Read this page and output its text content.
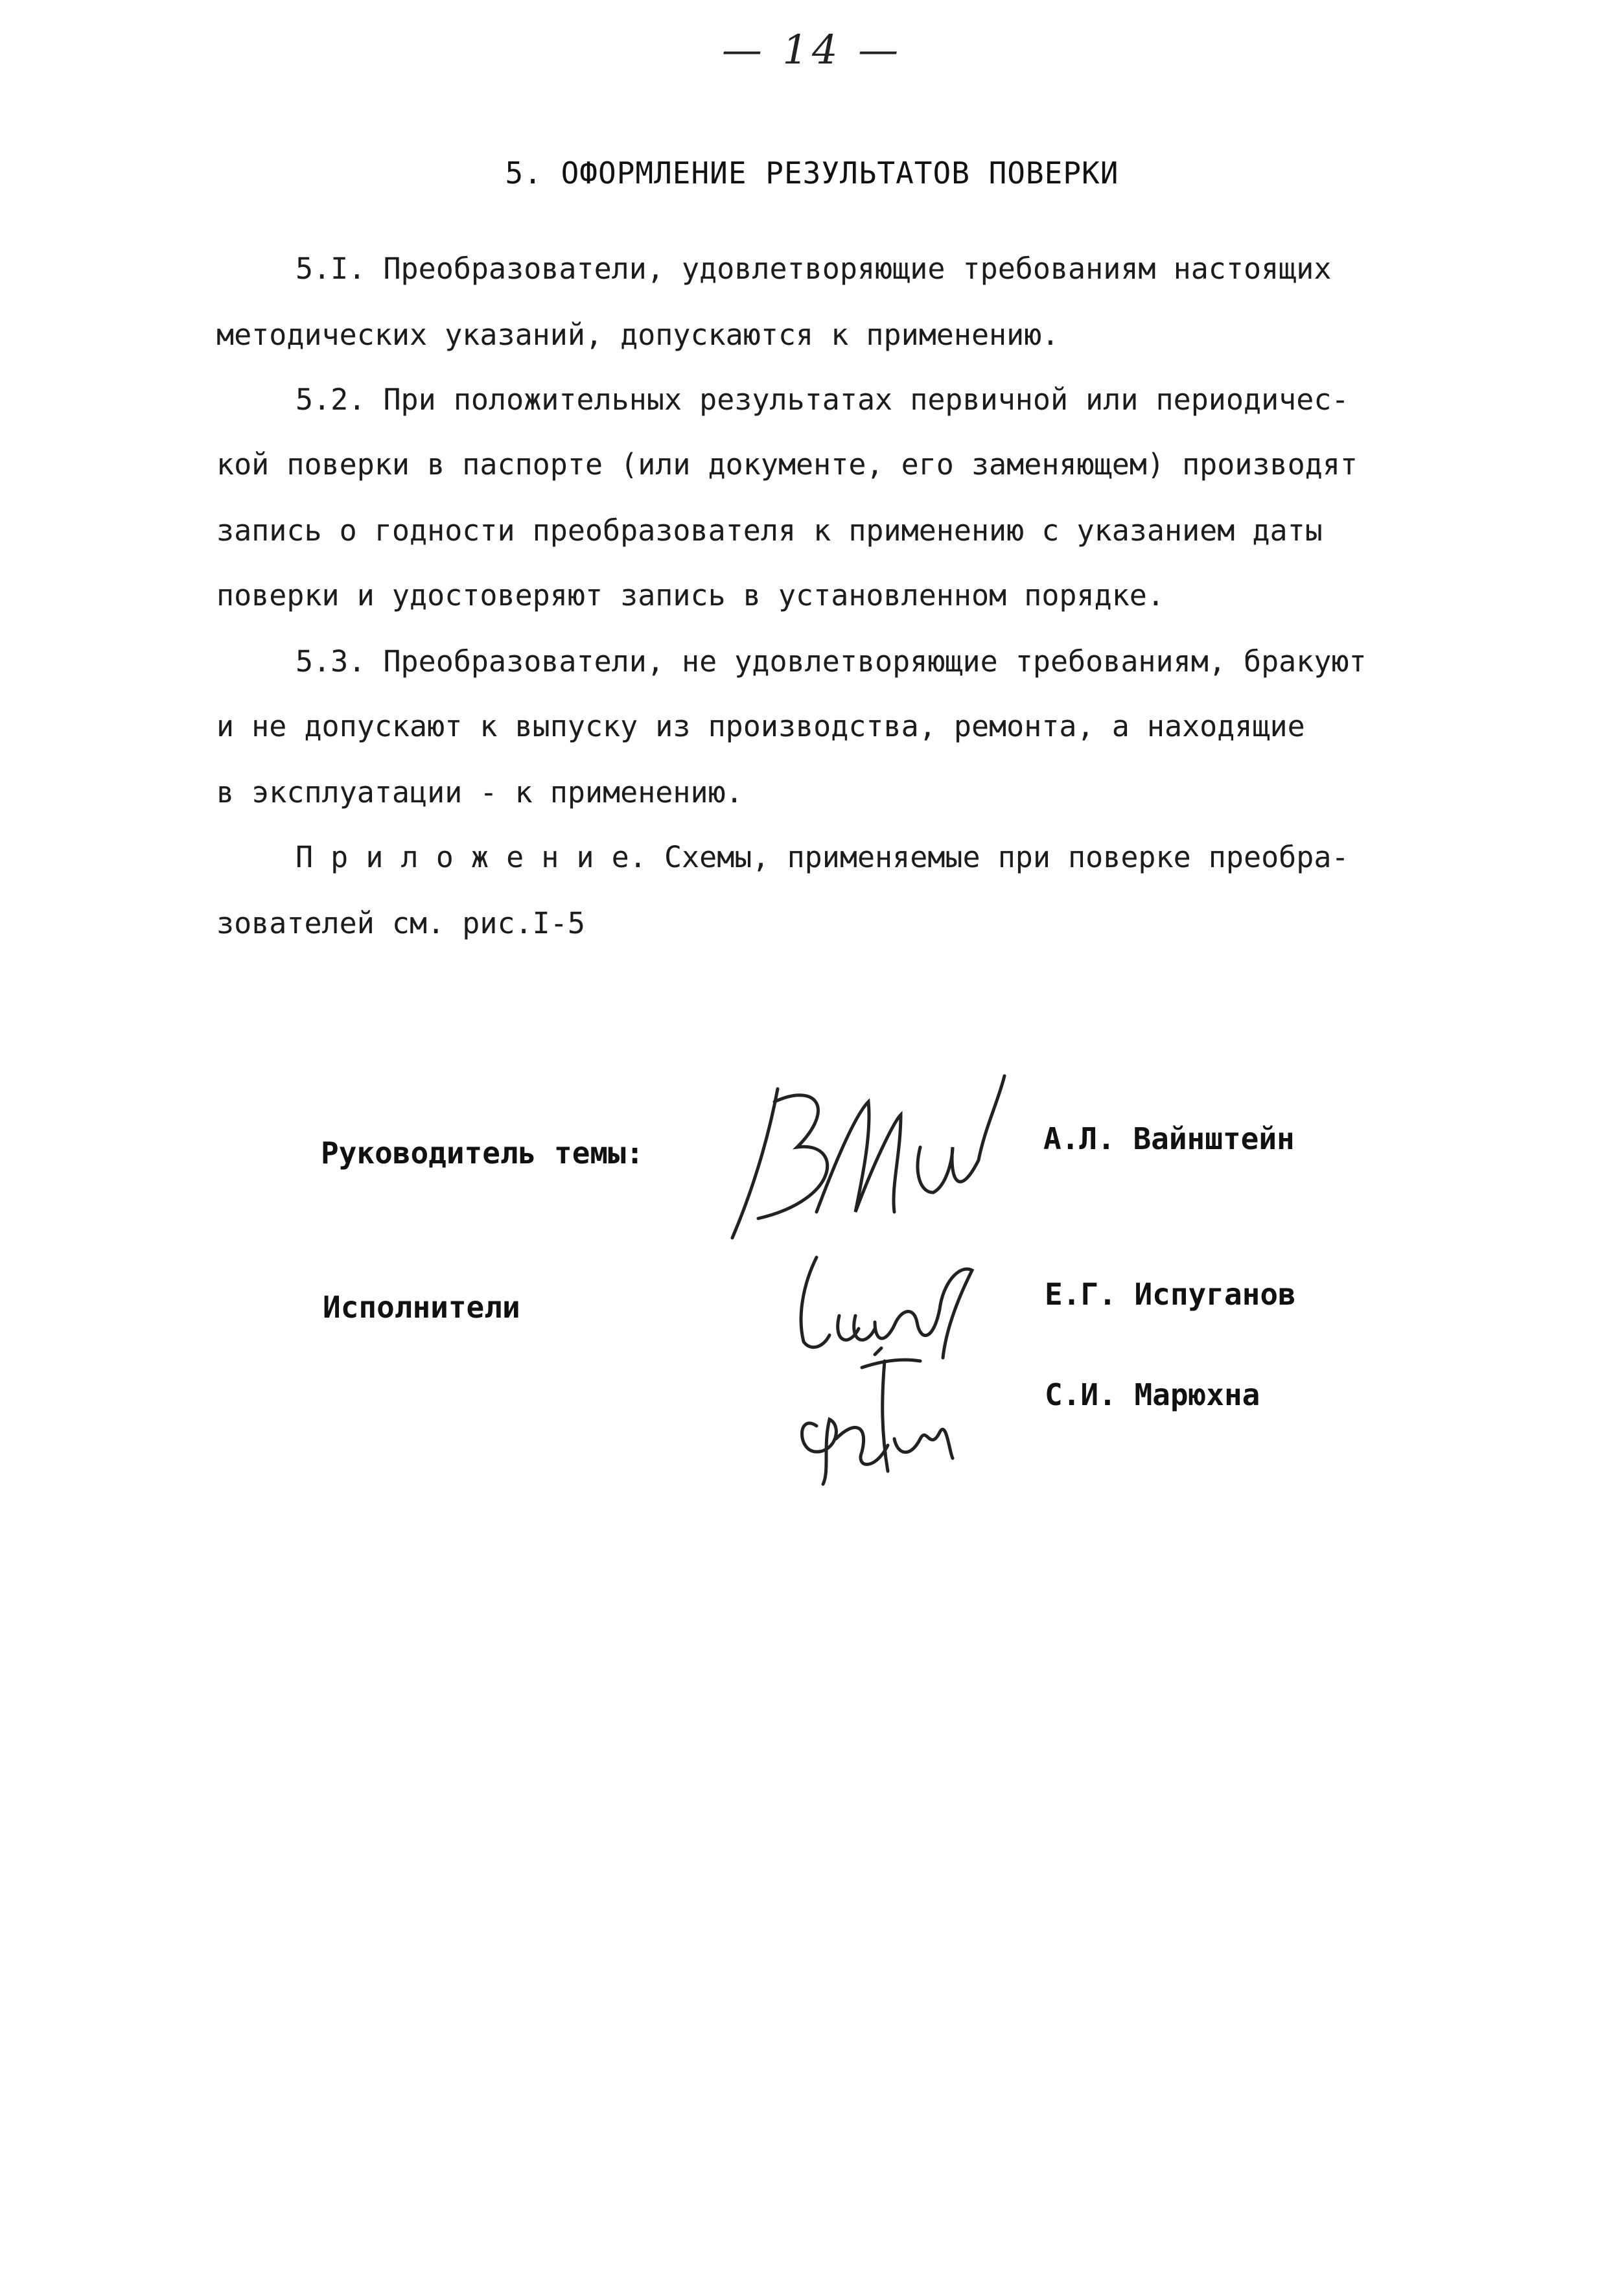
— 14 —
5. ОФОРМЛЕНИЕ РЕЗУЛЬТАТОВ ПОВЕРКИ
5.I. Преобразователи, удовлетворяющие требованиям настоящих
методических указаний, допускаются к применению.
5.2. При положительных результатах первичной или периодичес-
кой поверки в паспорте (или документе, его заменяющем) производят
запись о годности преобразователя к применению с указанием даты
поверки и удостоверяют запись в установленном порядке.
5.3. Преобразователи, не удовлетворяющие требованиям, бракуют
и не допускают к выпуску из производства, ремонта, а находящие
в эксплуатации - к применению.
П р и л о ж е н и е. Схемы, применяемые при поверке преобра-
зователей см. рис.I-5
Руководитель темы:	А.Л. Вайнштейн
Исполнители	Е.Г. Испуганов
С.И. Марюхна
